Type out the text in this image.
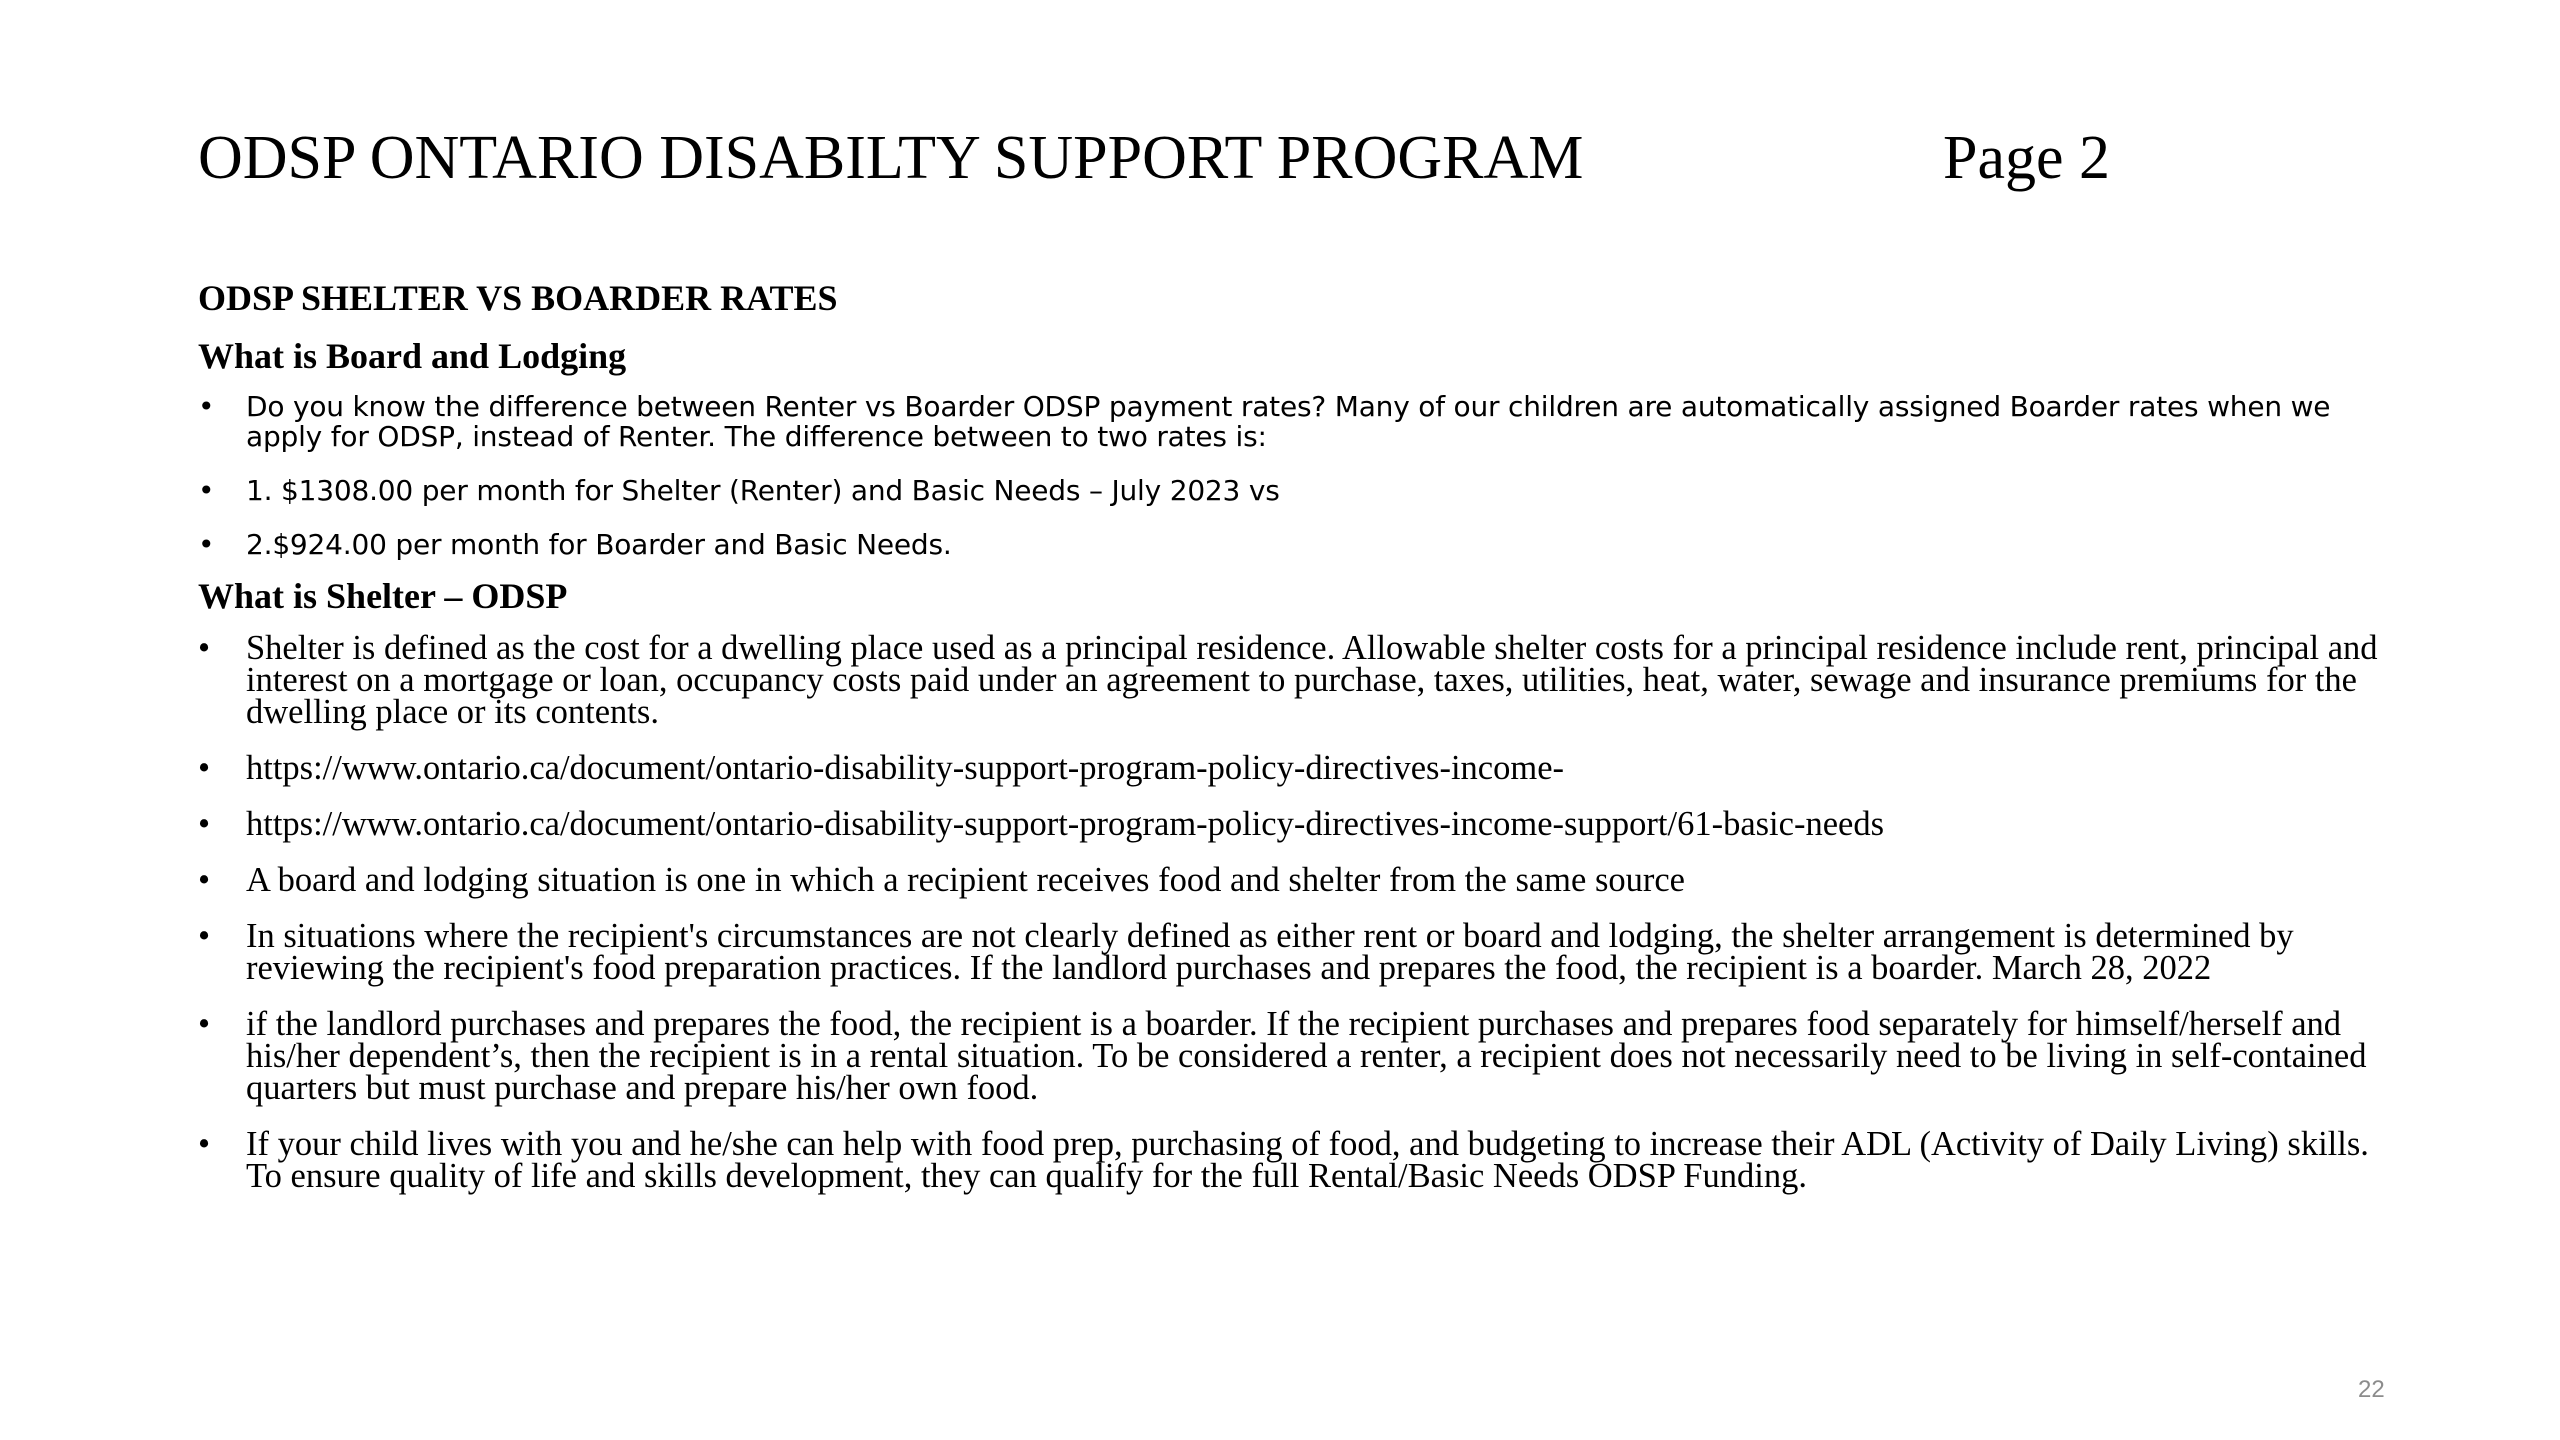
ODSP ONTARIO DISABILTY SUPPORT PROGRAM	Page 2
ODSP SHELTER VS BOARDER RATES
What is Board and Lodging
•	Do you know the difference between Renter vs Boarder ODSP payment rates? Many of our children are automatically assigned Boarder rates when we apply for ODSP, instead of Renter. The difference between to two rates is:
•	1. $1308.00 per month for Shelter (Renter) and Basic Needs – July 2023 vs
•	2.$924.00 per month for Boarder and Basic Needs.
What is Shelter – ODSP
•	Shelter is defined as the cost for a dwelling place used as a principal residence. Allowable shelter costs for a principal residence include rent, principal and interest on a mortgage or loan, occupancy costs paid under an agreement to purchase, taxes, utilities, heat, water, sewage and insurance premiums for the dwelling place or its contents.
•	https://www.ontario.ca/document/ontario-disability-support-program-policy-directives-income-
•	https://www.ontario.ca/document/ontario-disability-support-program-policy-directives-income-support/61-basic-needs
•	A board and lodging situation is one in which a recipient receives food and shelter from the same source
•	In situations where the recipient's circumstances are not clearly defined as either rent or board and lodging, the shelter arrangement is determined by reviewing the recipient's food preparation practices. If the landlord purchases and prepares the food, the recipient is a boarder. March 28, 2022
•	if the landlord purchases and prepares the food, the recipient is a boarder. If the recipient purchases and prepares food separately for himself/herself and his/her dependent’s, then the recipient is in a rental situation. To be considered a renter, a recipient does not necessarily need to be living in self-contained quarters but must purchase and prepare his/her own food.
•	If your child lives with you and he/she can help with food prep, purchasing of food, and budgeting to increase their ADL (Activity of Daily Living) skills. To ensure quality of life and skills development, they can qualify for the full Rental/Basic Needs ODSP Funding.
22
